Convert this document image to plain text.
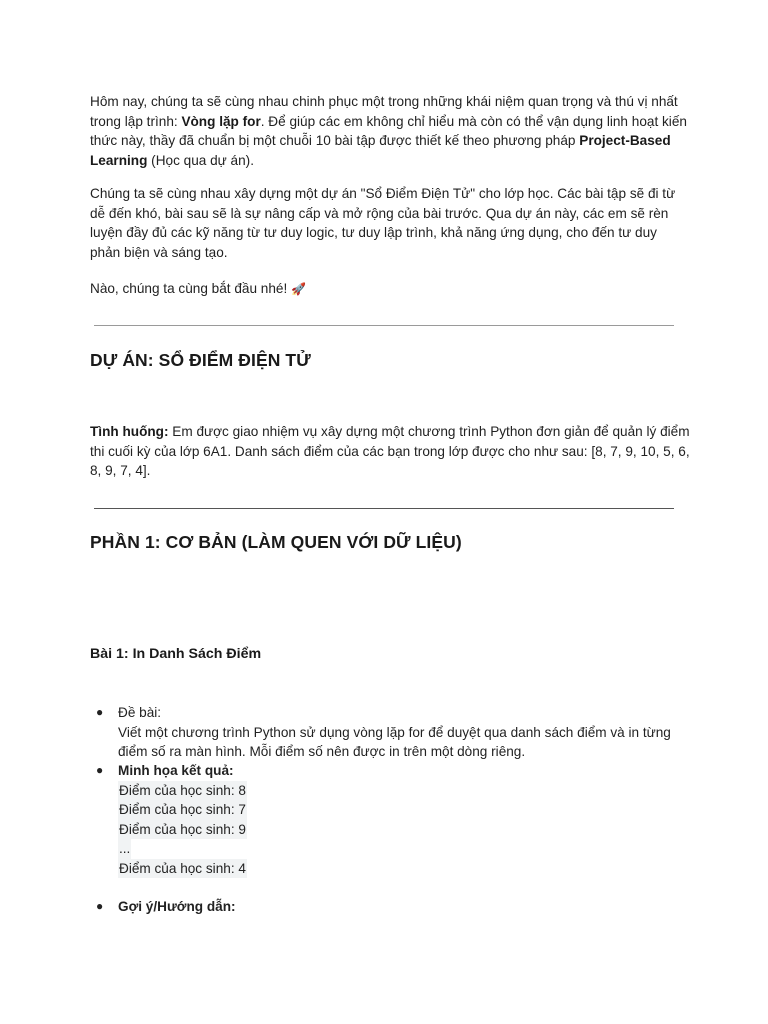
Hôm nay, chúng ta sẽ cùng nhau chinh phục một trong những khái niệm quan trọng và thú vị nhất trong lập trình: Vòng lặp for. Để giúp các em không chỉ hiểu mà còn có thể vận dụng linh hoạt kiến thức này, thầy đã chuẩn bị một chuỗi 10 bài tập được thiết kế theo phương pháp Project-Based Learning (Học qua dự án).

Chúng ta sẽ cùng nhau xây dựng một dự án "Sổ Điểm Điện Tử" cho lớp học. Các bài tập sẽ đi từ dễ đến khó, bài sau sẽ là sự nâng cấp và mở rộng của bài trước. Qua dự án này, các em sẽ rèn luyện đầy đủ các kỹ năng từ tư duy logic, tư duy lập trình, khả năng ứng dụng, cho đến tư duy phản biện và sáng tạo.

Nào, chúng ta cùng bắt đầu nhé! 🚀

DỰ ÁN: SỔ ĐIỂM ĐIỆN TỬ

Tình huống: Em được giao nhiệm vụ xây dựng một chương trình Python đơn giản để quản lý điểm thi cuối kỳ của lớp 6A1. Danh sách điểm của các bạn trong lớp được cho như sau: [8, 7, 9, 10, 5, 6, 8, 9, 7, 4].

PHẦN 1: CƠ BẢN (LÀM QUEN VỚI DỮ LIỆU)
Bài 1: In Danh Sách Điểm
● Đề bài:
Viết một chương trình Python sử dụng vòng lặp for để duyệt qua danh sách điểm và in từng điểm số ra màn hình. Mỗi điểm số nên được in trên một dòng riêng.
● Minh họa kết quả:
Điểm của học sinh: 8
Điểm của học sinh: 7
Điểm của học sinh: 9
...
Điểm của học sinh: 4
● Gợi ý/Hướng dẫn:
